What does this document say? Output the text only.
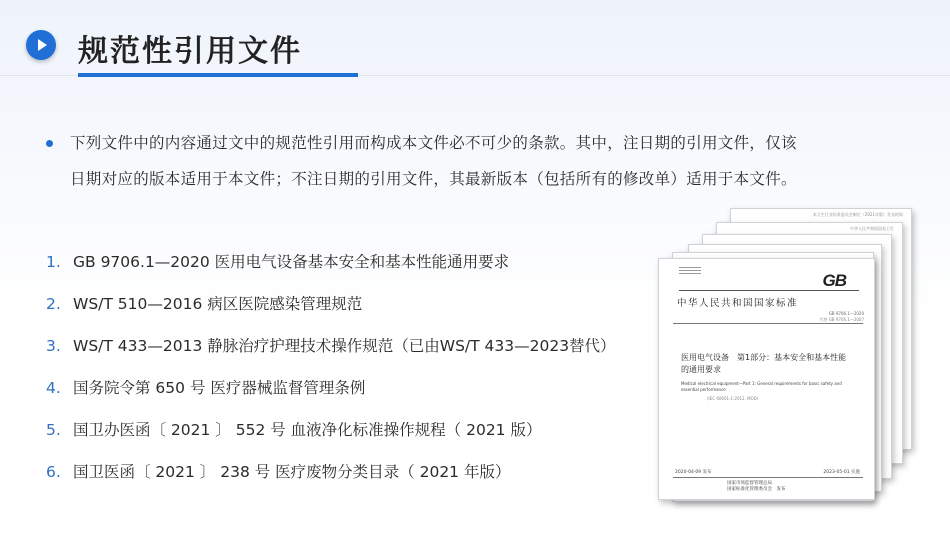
规范性引用文件
下列文件中的内容通过文中的规范性引用而构成本文件必不可少的条款。其中，注日期的引用文件，仅该
日期对应的版本适用于本文件；不注日期的引用文件，其最新版本（包括所有的修改单）适用于本文件。
1. GB 9706.1—2020 医用电气设备基本安全和基本性能通用要求
2. WS/T 510—2016 病区医院感染管理规范
3. WS/T 433—2013 静脉治疗护理技术操作规范（已由WS/T 433—2023替代）
4. 国务院令第 650 号 医疗器械监督管理条例
5. 国卫办医函〔 2021 〕 552 号 血液净化标准操作规程（ 2021 版）
6. 国卫医函〔 2021 〕 238 号 医疗废物分类目录（ 2021 年版）
本卫生行业标准委员会制定（2021年版）发布时间
中华人民共和国国家卫生
GB
中华人民共和国国家标准
GB 9706.1—2020
代替 GB 9706.1—2007
医用电气设备　第1部分：基本安全和基本性能的通用要求
Medical electrical equipment—Part 1: General requirements for basic safety and essential performance
(IEC 60601-1:2012, MOD)
2020-04-09 发布	2023-05-01 实施
国家市场监督管理总局
国家标准化管理委员会　发布
